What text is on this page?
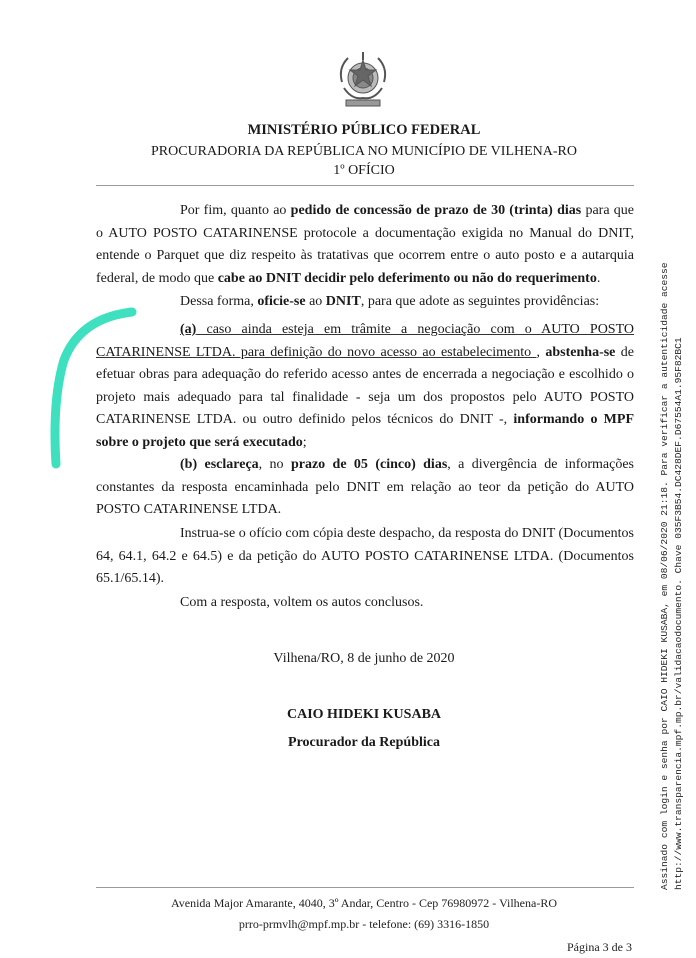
MINISTÉRIO PÚBLICO FEDERAL
PROCURADORIA DA REPÚBLICA NO MUNICÍPIO DE VILHENA-RO
1º OFÍCIO

Por fim, quanto ao pedido de concessão de prazo de 30 (trinta) dias para que o AUTO POSTO CATARINENSE protocole a documentação exigida no Manual do DNIT, entende o Parquet que diz respeito às tratativas que ocorrem entre o auto posto e a autarquia federal, de modo que cabe ao DNIT decidir pelo deferimento ou não do requerimento.

Dessa forma, oficie-se ao DNIT, para que adote as seguintes providências:

(a) caso ainda esteja em trâmite a negociação com o AUTO POSTO CATARINENSE LTDA. para definição do novo acesso ao estabelecimento , abstenha-se de efetuar obras para adequação do referido acesso antes de encerrada a negociação e escolhido o projeto mais adequado para tal finalidade - seja um dos propostos pelo AUTO POSTO CATARINENSE LTDA. ou outro definido pelos técnicos do DNIT -, informando o MPF sobre o projeto que será executado;

(b) esclareça, no prazo de 05 (cinco) dias, a divergência de informações constantes da resposta encaminhada pelo DNIT em relação ao teor da petição do AUTO POSTO CATARINENSE LTDA.

Instrua-se o ofício com cópia deste despacho, da resposta do DNIT (Documentos 64, 64.1, 64.2 e 64.5) e da petição do AUTO POSTO CATARINENSE LTDA. (Documentos 65.1/65.14).

Com a resposta, voltem os autos conclusos.

Vilhena/RO, 8 de junho de 2020
CAIO HIDEKI KUSABA
Procurador da República
Avenida Major Amarante, 4040, 3º Andar, Centro - Cep 76980972 - Vilhena-RO
prro-prmvlh@mpf.mp.br - telefone: (69) 3316-1850
Página 3 de 3
Assinado com login e senha por CAIO HIDEKI KUSABA, em 08/06/2020 21:18. Para verificar a autenticidade acesse http://www.transparencia.mpf.mp.br/validacaodocumento. Chave 035F3B54.DC428DEF.D67554A1.95F82BC1
